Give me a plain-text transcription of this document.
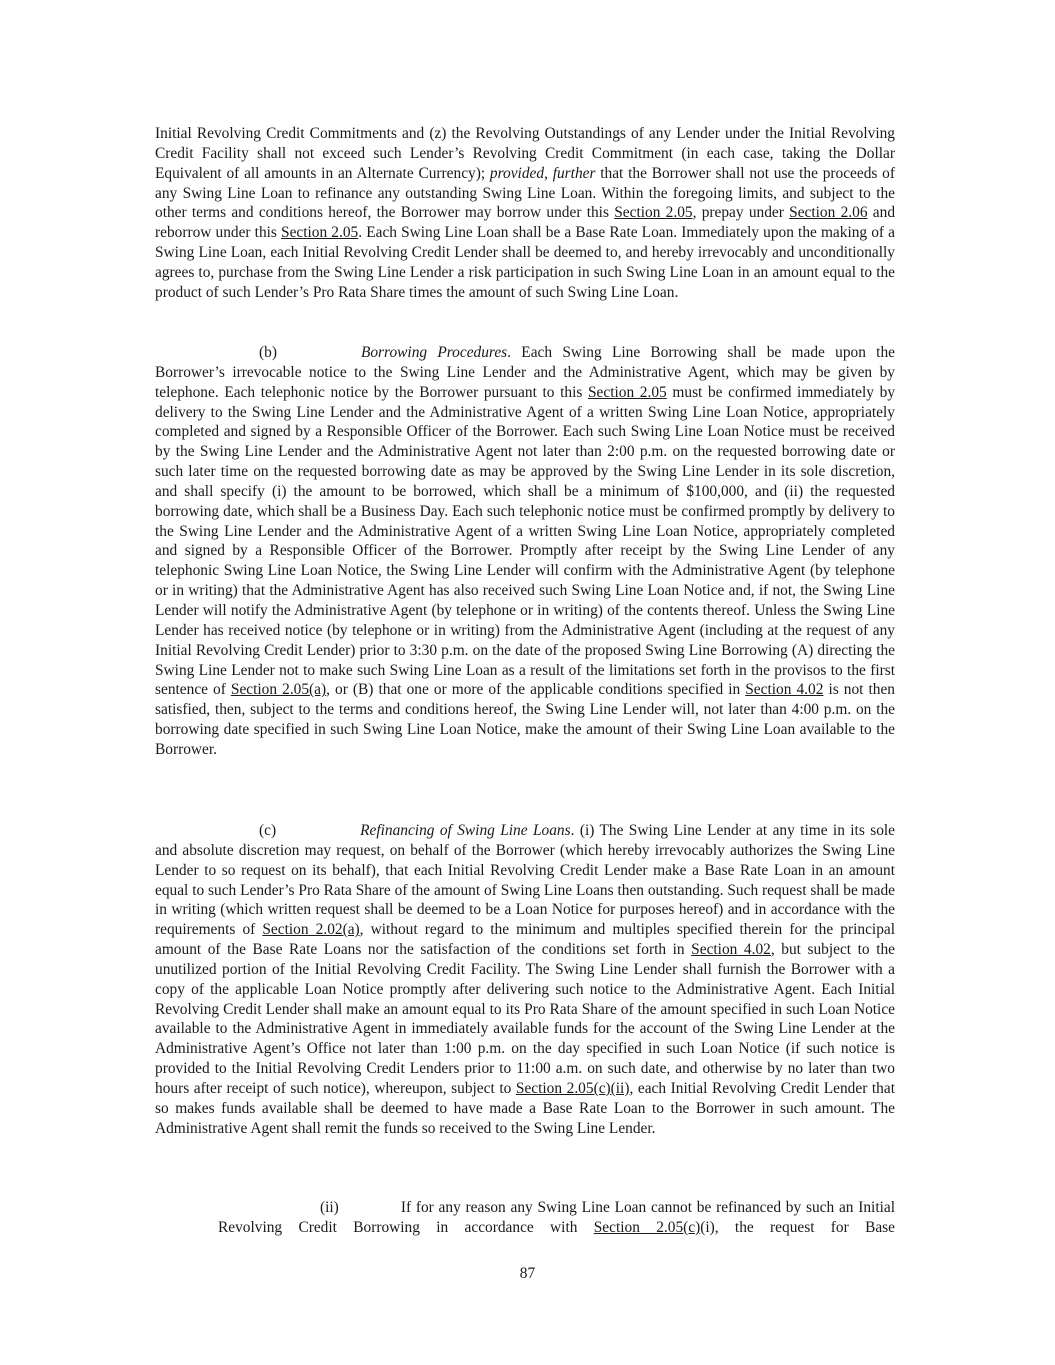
Initial Revolving Credit Commitments and (z) the Revolving Outstandings of any Lender under the Initial Revolving Credit Facility shall not exceed such Lender’s Revolving Credit Commitment (in each case, taking the Dollar Equivalent of all amounts in an Alternate Currency); provided, further that the Borrower shall not use the proceeds of any Swing Line Loan to refinance any outstanding Swing Line Loan. Within the foregoing limits, and subject to the other terms and conditions hereof, the Borrower may borrow under this Section 2.05, prepay under Section 2.06 and reborrow under this Section 2.05. Each Swing Line Loan shall be a Base Rate Loan. Immediately upon the making of a Swing Line Loan, each Initial Revolving Credit Lender shall be deemed to, and hereby irrevocably and unconditionally agrees to, purchase from the Swing Line Lender a risk participation in such Swing Line Loan in an amount equal to the product of such Lender’s Pro Rata Share times the amount of such Swing Line Loan.

(b)	Borrowing Procedures. Each Swing Line Borrowing shall be made upon the Borrower’s irrevocable notice to the Swing Line Lender and the Administrative Agent, which may be given by telephone. Each telephonic notice by the Borrower pursuant to this Section 2.05 must be confirmed immediately by delivery to the Swing Line Lender and the Administrative Agent of a written Swing Line Loan Notice, appropriately completed and signed by a Responsible Officer of the Borrower. Each such Swing Line Loan Notice must be received by the Swing Line Lender and the Administrative Agent not later than 2:00 p.m. on the requested borrowing date or such later time on the requested borrowing date as may be approved by the Swing Line Lender in its sole discretion, and shall specify (i) the amount to be borrowed, which shall be a minimum of $100,000, and (ii) the requested borrowing date, which shall be a Business Day. Each such telephonic notice must be confirmed promptly by delivery to the Swing Line Lender and the Administrative Agent of a written Swing Line Loan Notice, appropriately completed and signed by a Responsible Officer of the Borrower. Promptly after receipt by the Swing Line Lender of any telephonic Swing Line Loan Notice, the Swing Line Lender will confirm with the Administrative Agent (by telephone or in writing) that the Administrative Agent has also received such Swing Line Loan Notice and, if not, the Swing Line Lender will notify the Administrative Agent (by telephone or in writing) of the contents thereof. Unless the Swing Line Lender has received notice (by telephone or in writing) from the Administrative Agent (including at the request of any Initial Revolving Credit Lender) prior to 3:30 p.m. on the date of the proposed Swing Line Borrowing (A) directing the Swing Line Lender not to make such Swing Line Loan as a result of the limitations set forth in the provisos to the first sentence of Section 2.05(a), or (B) that one or more of the applicable conditions specified in Section 4.02 is not then satisfied, then, subject to the terms and conditions hereof, the Swing Line Lender will, not later than 4:00 p.m. on the borrowing date specified in such Swing Line Loan Notice, make the amount of their Swing Line Loan available to the Borrower.

(c)	Refinancing of Swing Line Loans. (i) The Swing Line Lender at any time in its sole and absolute discretion may request, on behalf of the Borrower (which hereby irrevocably authorizes the Swing Line Lender to so request on its behalf), that each Initial Revolving Credit Lender make a Base Rate Loan in an amount equal to such Lender’s Pro Rata Share of the amount of Swing Line Loans then outstanding. Such request shall be made in writing (which written request shall be deemed to be a Loan Notice for purposes hereof) and in accordance with the requirements of Section 2.02(a), without regard to the minimum and multiples specified therein for the principal amount of the Base Rate Loans nor the satisfaction of the conditions set forth in Section 4.02, but subject to the unutilized portion of the Initial Revolving Credit Facility. The Swing Line Lender shall furnish the Borrower with a copy of the applicable Loan Notice promptly after delivering such notice to the Administrative Agent. Each Initial Revolving Credit Lender shall make an amount equal to its Pro Rata Share of the amount specified in such Loan Notice available to the Administrative Agent in immediately available funds for the account of the Swing Line Lender at the Administrative Agent’s Office not later than 1:00 p.m. on the day specified in such Loan Notice (if such notice is provided to the Initial Revolving Credit Lenders prior to 11:00 a.m. on such date, and otherwise by no later than two hours after receipt of such notice), whereupon, subject to Section 2.05(c)(ii), each Initial Revolving Credit Lender that so makes funds available shall be deemed to have made a Base Rate Loan to the Borrower in such amount. The Administrative Agent shall remit the funds so received to the Swing Line Lender.

(ii)	If for any reason any Swing Line Loan cannot be refinanced by such an Initial Revolving Credit Borrowing in accordance with Section 2.05(c)(i), the request for Base

87
